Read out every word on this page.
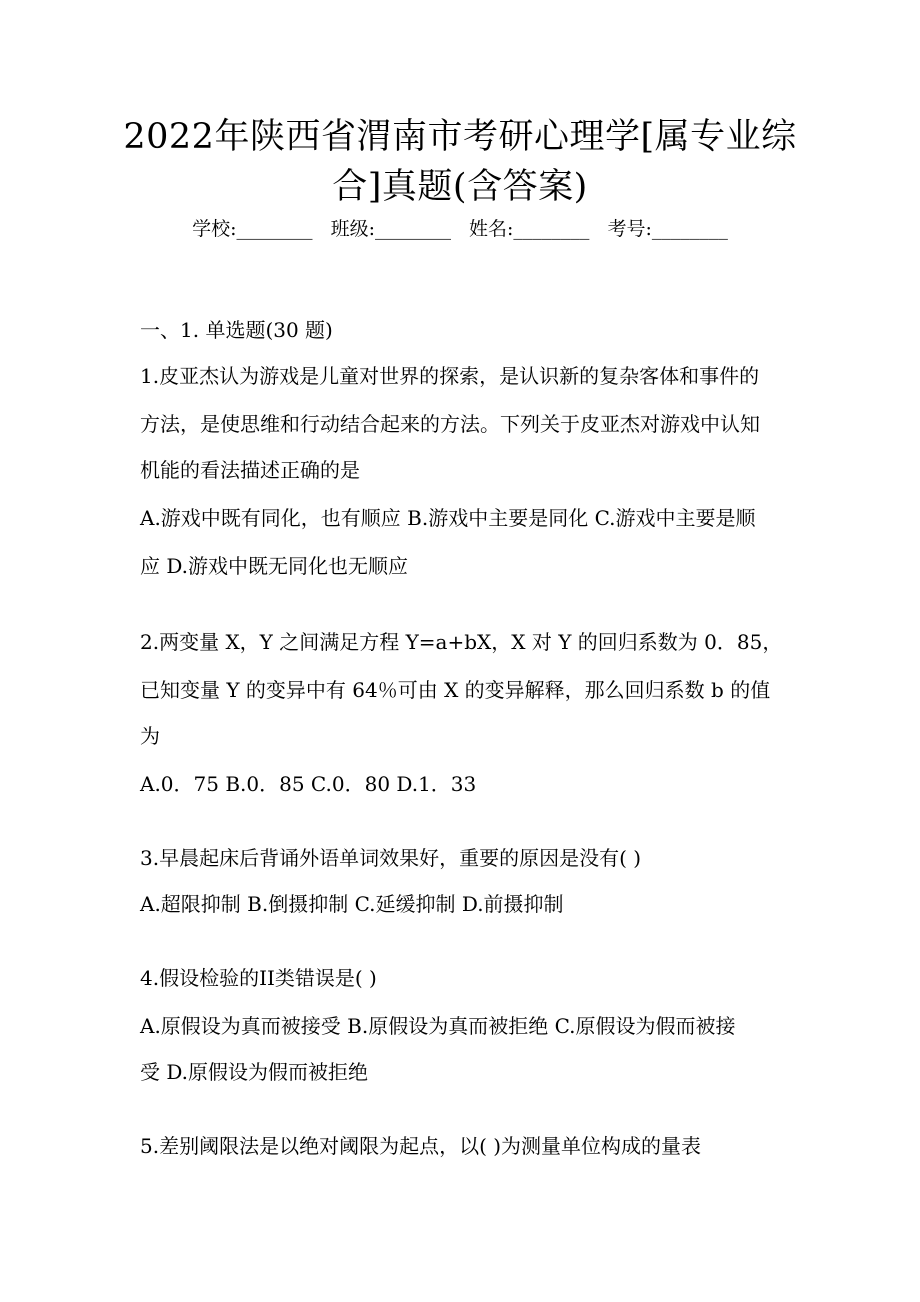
2022年陕西省渭南市考研心理学[属专业综
合]真题(含答案)
学校:________ 班级:________ 姓名:________ 考号:________
一、1. 单选题(30 题)
1.皮亚杰认为游戏是儿童对世界的探索，是认识新的复杂客体和事件的
方法，是使思维和行动结合起来的方法。下列关于皮亚杰对游戏中认知
机能的看法描述正确的是
A.游戏中既有同化，也有顺应 B.游戏中主要是同化 C.游戏中主要是顺
应 D.游戏中既无同化也无顺应
2.两变量 X，Y 之间满足方程 Y=a+bX，X 对 Y 的回归系数为 0．85，
已知变量 Y 的变异中有 64％可由 X 的变异解释，那么回归系数 b 的值
为
A.0．75 B.0．85 C.0．80 D.1．33
3.早晨起床后背诵外语单词效果好，重要的原因是没有( )
A.超限抑制 B.倒摄抑制 C.延缓抑制 D.前摄抑制
4.假设检验的II类错误是( )
A.原假设为真而被接受 B.原假设为真而被拒绝 C.原假设为假而被接
受 D.原假设为假而被拒绝
5.差别阈限法是以绝对阈限为起点，以( )为测量单位构成的量表
